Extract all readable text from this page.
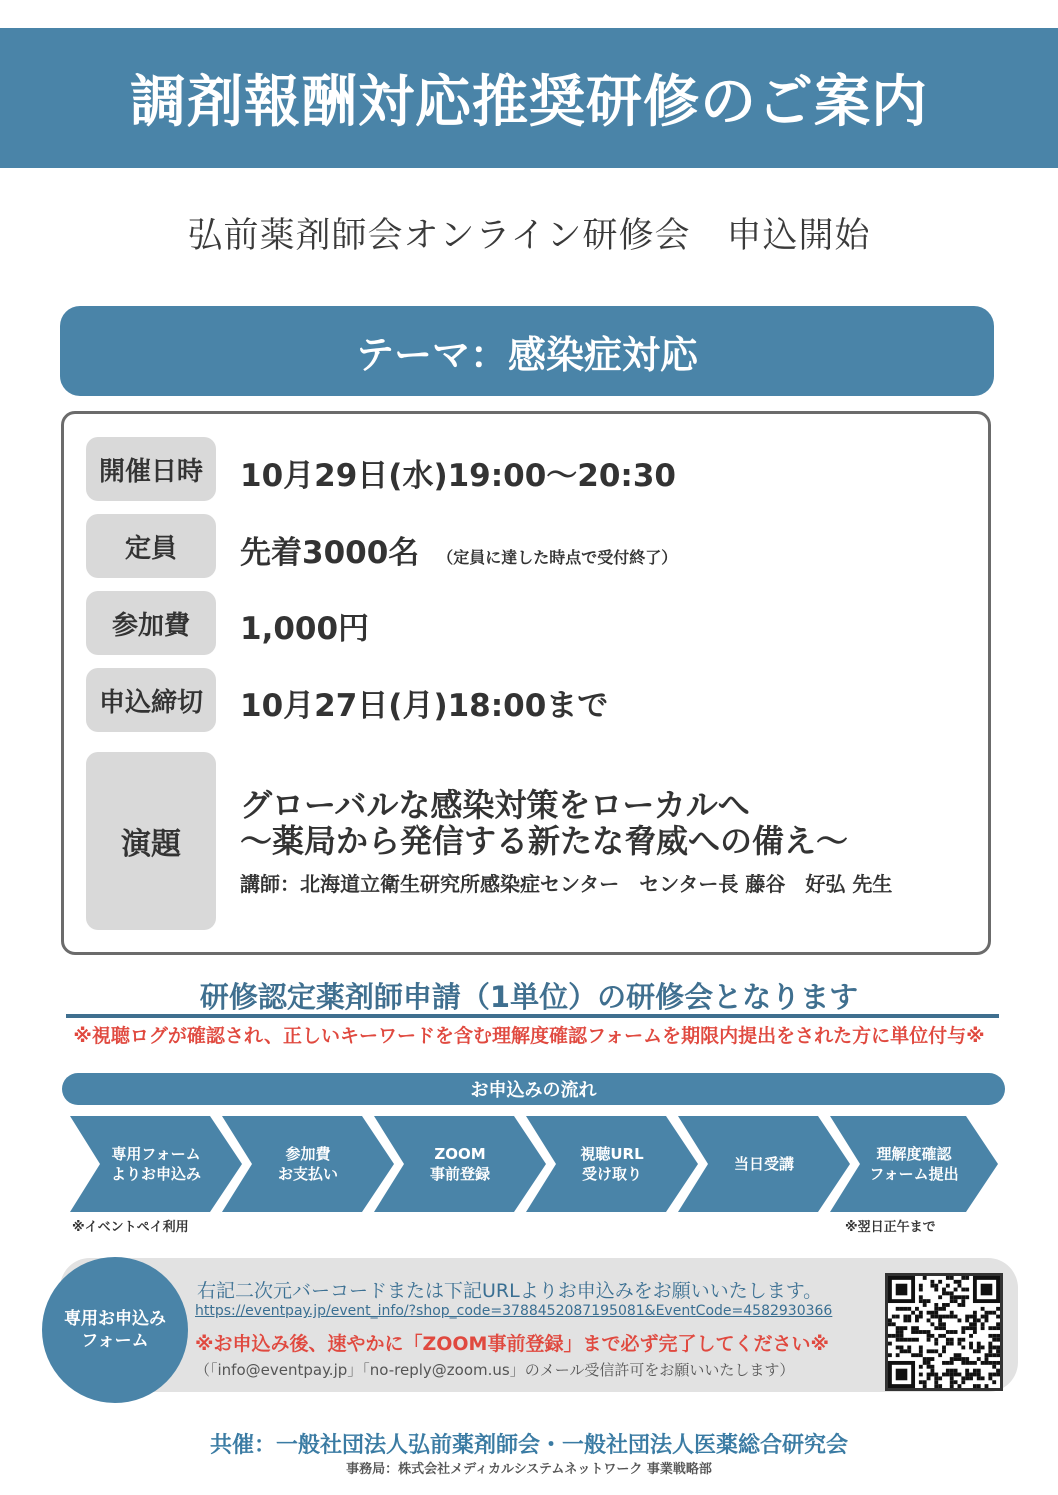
調剤報酬対応推奨研修のご案内
弘前薬剤師会オンライン研修会　申込開始
テーマ：感染症対応
開催日時	10月29日(水)19:00～20:30
定員	先着3000名 （定員に達した時点で受付終了）
参加費	1,000円
申込締切	10月27日(月)18:00まで
演題
グローバルな感染対策をローカルへ
～薬局から発信する新たな脅威への備え～
講師：北海道立衛生研究所感染症センター　センター長 藤谷　好弘 先生
研修認定薬剤師申請（1単位）の研修会となります
※視聴ログが確認され、正しいキーワードを含む理解度確認フォームを期限内提出をされた方に単位付与※
お申込みの流れ
専用フォーム
よりお申込み
参加費
お支払い
ZOOM
事前登録
視聴URL
受け取り
当日受講
理解度確認
フォーム提出
※イベントペイ利用	※翌日正午まで
専用お申込み
フォーム
右記二次元バーコードまたは下記URLよりお申込みをお願いいたします。
https://eventpay.jp/event_info/?shop_code=3788452087195081&EventCode=4582930366
※お申込み後、速やかに「ZOOM事前登録」まで必ず完了してください※
（「info@eventpay.jp」「no-reply@zoom.us」のメール受信許可をお願いいたします）
共催：一般社団法人弘前薬剤師会・一般社団法人医薬総合研究会
事務局：株式会社メディカルシステムネットワーク 事業戦略部
